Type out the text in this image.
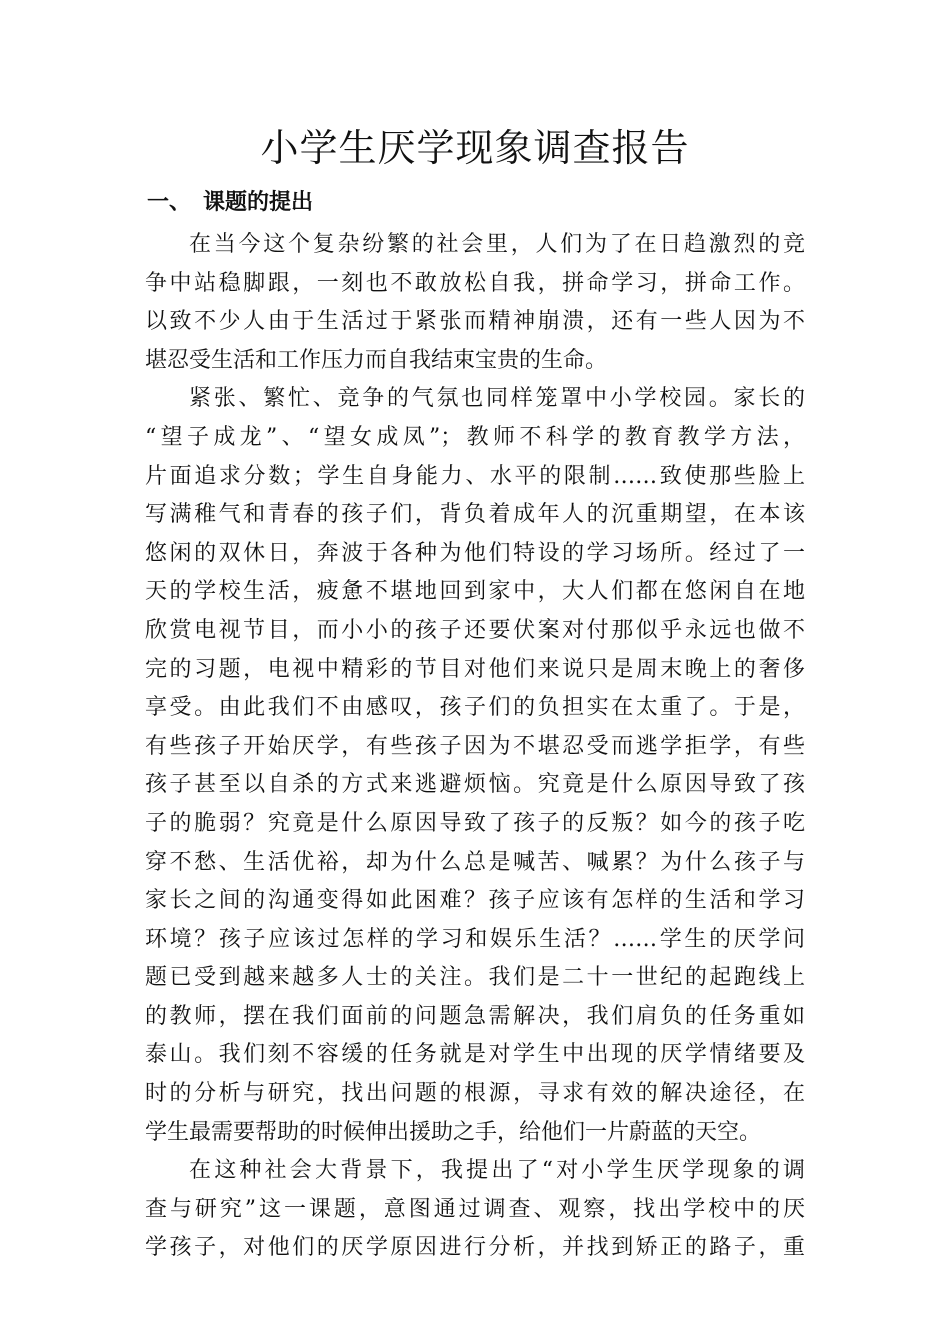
小学生厌学现象调查报告
一、 课题的提出

在当今这个复杂纷繁的社会里，人们为了在日趋激烈的竞
争中站稳脚跟，一刻也不敢放松自我，拼命学习，拼命工作。
以致不少人由于生活过于紧张而精神崩溃，还有一些人因为不
堪忍受生活和工作压力而自我结束宝贵的生命。

紧张、繁忙、竞争的气氛也同样笼罩中小学校园。家长的
“望子成龙”、“望女成凤”；教师不科学的教育教学方法，
片面追求分数；学生自身能力、水平的限制……致使那些脸上
写满稚气和青春的孩子们，背负着成年人的沉重期望，在本该
悠闲的双休日，奔波于各种为他们特设的学习场所。经过了一
天的学校生活，疲惫不堪地回到家中，大人们都在悠闲自在地
欣赏电视节目，而小小的孩子还要伏案对付那似乎永远也做不
完的习题，电视中精彩的节目对他们来说只是周末晚上的奢侈
享受。由此我们不由感叹，孩子们的负担实在太重了。于是，
有些孩子开始厌学，有些孩子因为不堪忍受而逃学拒学，有些
孩子甚至以自杀的方式来逃避烦恼。究竟是什么原因导致了孩
子的脆弱？究竟是什么原因导致了孩子的反叛？如今的孩子吃
穿不愁、生活优裕，却为什么总是喊苦、喊累？为什么孩子与
家长之间的沟通变得如此困难？孩子应该有怎样的生活和学习
环境？孩子应该过怎样的学习和娱乐生活？……学生的厌学问
题已受到越来越多人士的关注。我们是二十一世纪的起跑线上
的教师，摆在我们面前的问题急需解决，我们肩负的任务重如
泰山。我们刻不容缓的任务就是对学生中出现的厌学情绪要及
时的分析与研究，找出问题的根源，寻求有效的解决途径，在
学生最需要帮助的时候伸出援助之手，给他们一片蔚蓝的天空。

在这种社会大背景下，我提出了“对小学生厌学现象的调
查与研究”这一课题，意图通过调查、观察，找出学校中的厌
学孩子，对他们的厌学原因进行分析，并找到矫正的路子，重
